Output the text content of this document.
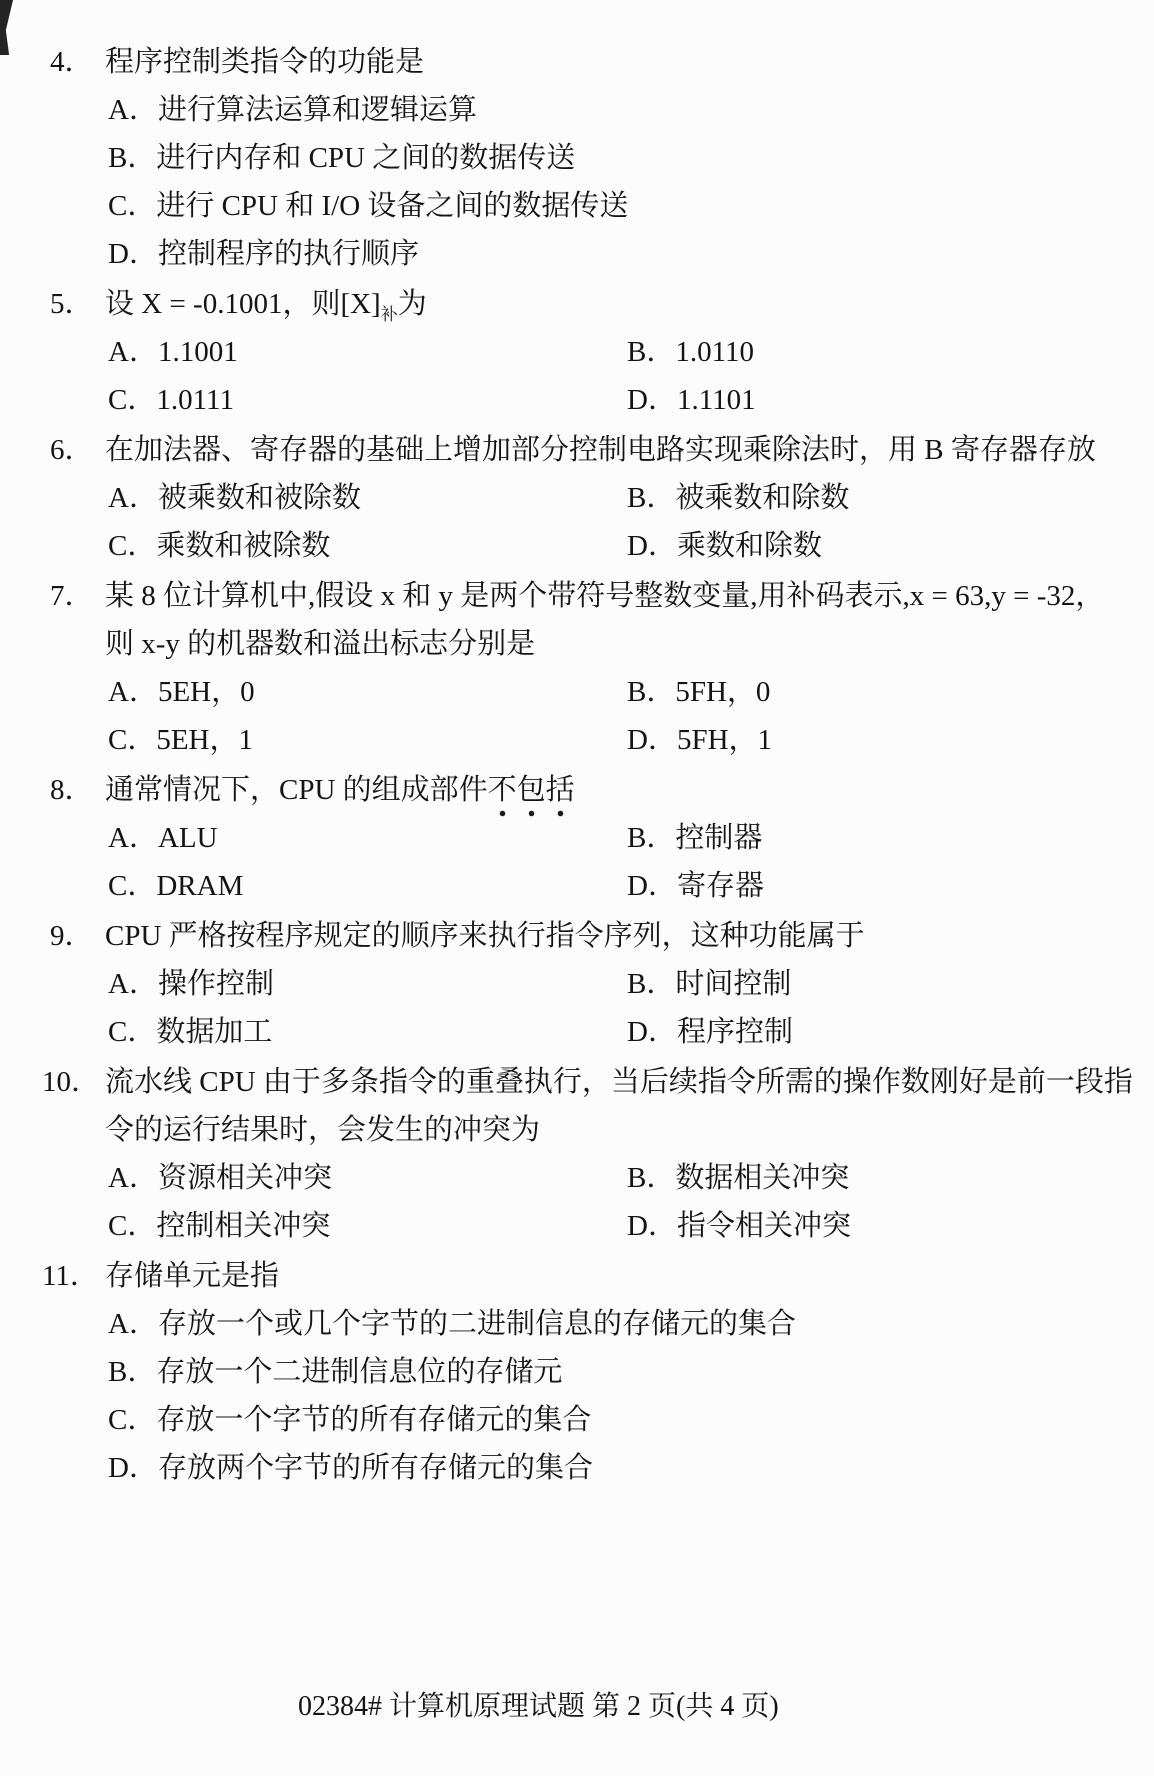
4． 程序控制类指令的功能是
A．进行算法运算和逻辑运算
B．进行内存和 CPU 之间的数据传送
C．进行 CPU 和 I/O 设备之间的数据传送
D．控制程序的执行顺序
5． 设 X = -0.1001，则$[X]_补$为
A．1.1001	B．1.0110
C．1.0111	D．1.1101
6． 在加法器、寄存器的基础上增加部分控制电路实现乘除法时，用 B 寄存器存放
A．被乘数和被除数	B．被乘数和除数
C．乘数和被除数	D．乘数和除数
7． 某 8 位计算机中,假设 x 和 y 是两个带符号整数变量,用补码表示,x = 63,y = -32，
则 x-y 的机器数和溢出标志分别是
A．5EH，0	B．5FH，0
C．5EH，1	D．5FH，1
8． 通常情况下，CPU 的组成部件不包括
A．ALU	B．控制器
C．DRAM	D．寄存器
9． CPU 严格按程序规定的顺序来执行指令序列，这种功能属于
A．操作控制	B．时间控制
C．数据加工	D．程序控制
10． 流水线 CPU 由于多条指令的重叠执行，当后续指令所需的操作数刚好是前一段指
令的运行结果时，会发生的冲突为
A．资源相关冲突	B．数据相关冲突
C．控制相关冲突	D．指令相关冲突
11． 存储单元是指
A．存放一个或几个字节的二进制信息的存储元的集合
B．存放一个二进制信息位的存储元
C．存放一个字节的所有存储元的集合
D．存放两个字节的所有存储元的集合
02384# 计算机原理试题 第 2 页(共 4 页)
